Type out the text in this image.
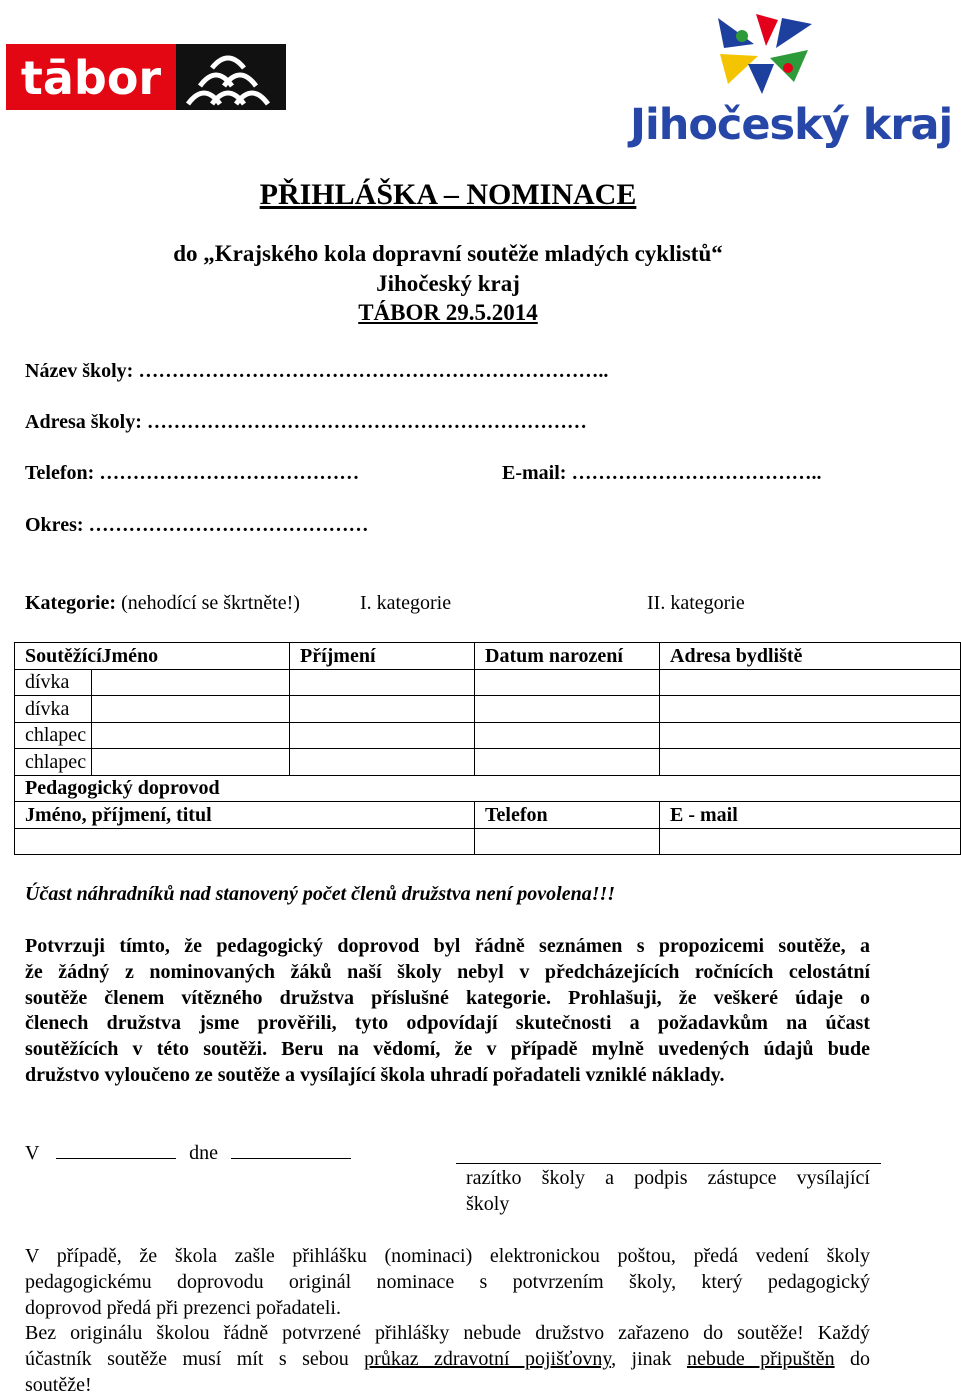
tābor
Jihočeský kraj
PŘIHLÁŠKA – NOMINACE
do „Krajského kola dopravní soutěže mladých cyklistů“
Jihočeský kraj
TÁBOR 29.5.2014
Název školy: ……………………………………………………………..
Adresa školy: …………………………………………………………
Telefon: …………………………………	E-mail: ………………………………..
Okres: ……………………………………
Kategorie: (nehodící se škrtněte!)	I. kategorie	II. kategorie
Soutěžící	Jméno	Příjmení	Datum narození	Adresa bydliště
dívka				
dívka				
chlapec				
chlapec				
Pedagogický doprovod				
Jméno, příjmení, titul			Telefon	E - mail

Účast náhradníků nad stanovený počet členů družstva není povolena!!!
Potvrzuji tímto, že pedagogický doprovod byl řádně seznámen s propozicemi soutěže, a
že žádný z nominovaných žáků naší školy nebyl v předcházejících ročnících celostátní
soutěže členem vítězného družstva příslušné kategorie. Prohlašuji, že veškeré údaje o
členech družstva jsme prověřili, tyto odpovídají skutečnosti a požadavkům na účast
soutěžících v této soutěži. Beru na vědomí, že v případě mylně uvedených údajů bude
družstvo vyloučeno ze soutěže a vysílající škola uhradí pořadateli vzniklé náklady.
V	dne
razítko školy a podpis zástupce vysílající
školy
V případě, že škola zašle přihlášku (nominaci) elektronickou poštou, předá vedení školy
pedagogickému doprovodu originál nominace s potvrzením školy, který pedagogický
doprovod předá při prezenci pořadateli.
Bez originálu školou řádně potvrzené přihlášky nebude družstvo zařazeno do soutěže! Každý
účastník soutěže musí mít s sebou průkaz zdravotní pojišťovny, jinak nebude připuštěn do
soutěže!
